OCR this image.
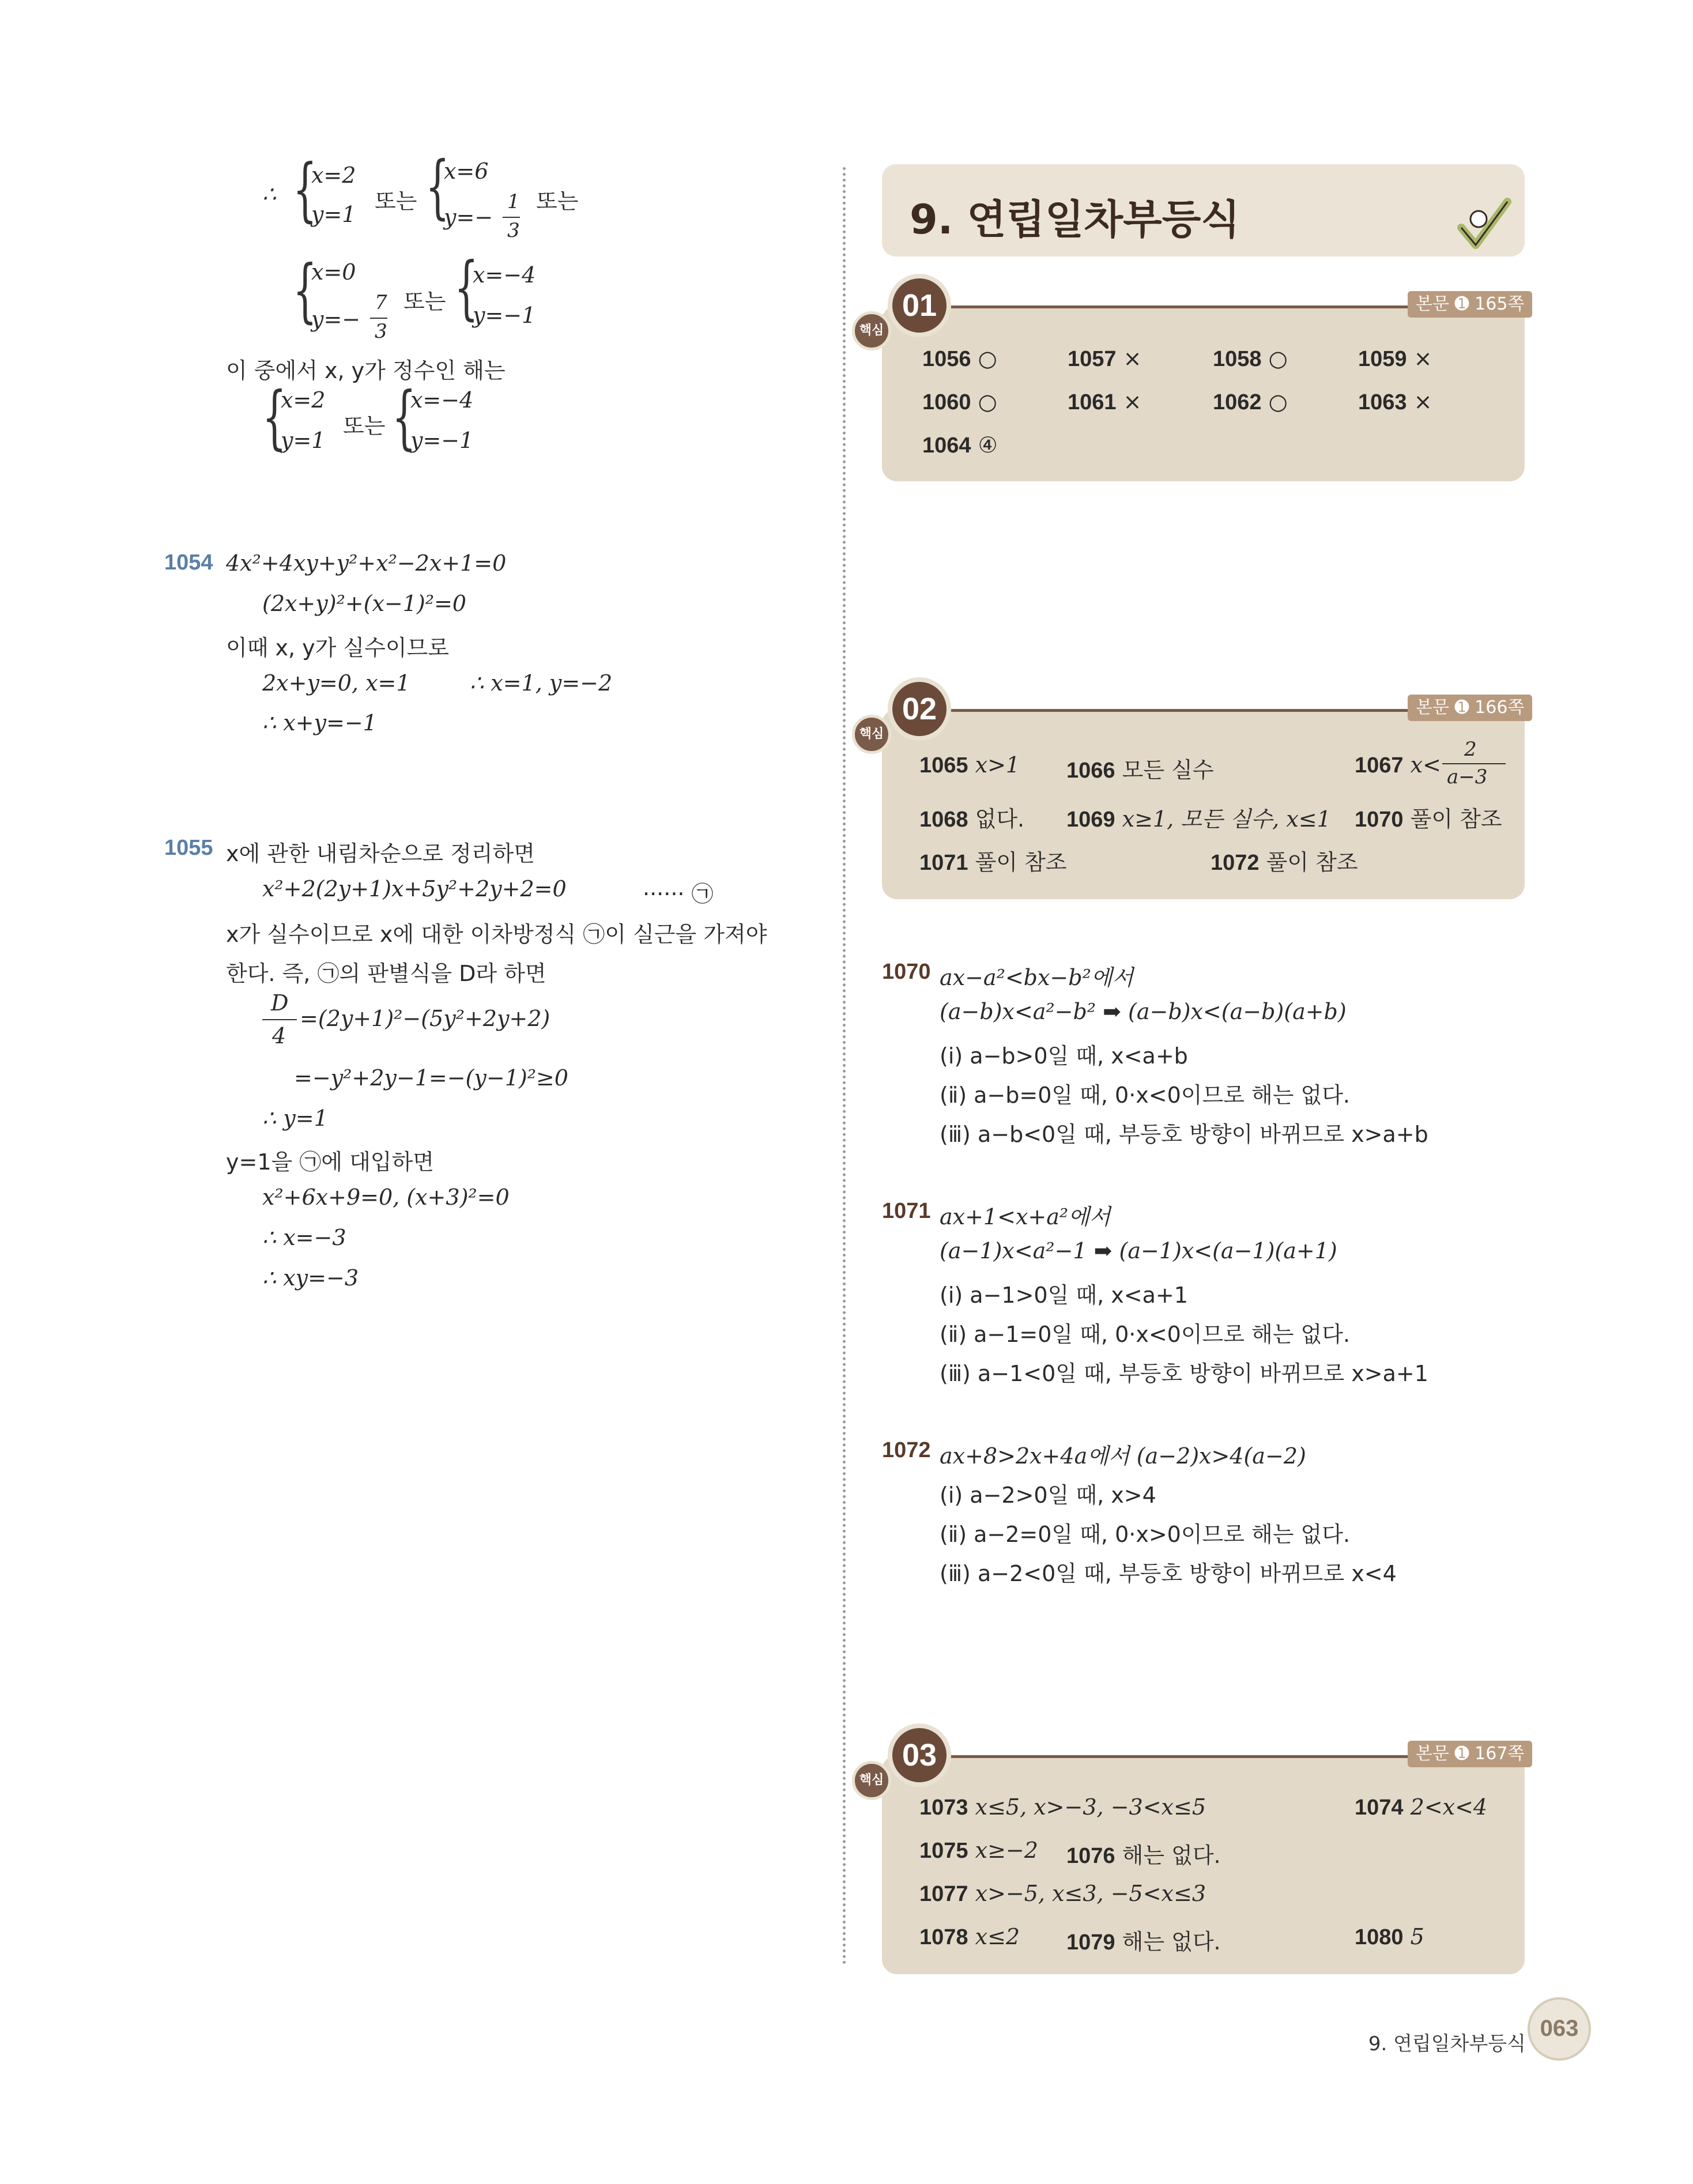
∴ {
x=2
y=1
또는 {
x=6
y=−
1
3
또는
{
x=0
y=−
7
3
또는 {
x=−4
y=−1
이 중에서 x, y가 정수인 해는
{
x=2
y=1
또는 {
x=−4
y=−1
1054 4x²+4xy+y²+x²−2x+1=0
(2x+y)²+(x−1)²=0
이때 x, y가 실수이므로
2x+y=0, x=1	∴ x=1, y=−2
∴ x+y=−1
1055 x에 관한 내림차순으로 정리하면
x²+2(2y+1)x+5y²+2y+2=0	······ ㉠
x가 실수이므로 x에 대한 이차방정식 ㉠이 실근을 가져야
한다. 즉, ㉠의 판별식을 D라 하면
D
4
=(2y+1)²−(5y²+2y+2)
=−y²+2y−1=−(y−1)²≥0
∴ y=1
y=1을 ㉠에 대입하면
x²+6x+9=0, (x+3)²=0
∴ x=−3
∴ xy=−3
9. 연립일차부등식
1056 ○	1057 ×	1058 ○	1059 ×
1060 ○	1061 ×	1062 ○	1063 ×
1064 ④
01
핵심
본문 ➊ 165쪽
1065 x>1 1066 모든 실수	1067 x<
2
a−3
1068 없다. 1069 x≥1, 모든 실수, x≤1 1070 풀이 참조
1071 풀이 참조	1072 풀이 참조
02
핵심
본문 ➊ 166쪽
1070 ax−a²<bx−b²에서
(a−b)x<a²−b² ➡ (a−b)x<(a−b)(a+b)
(ⅰ) a−b>0일 때, x<a+b
(ⅱ) a−b=0일 때, 0·x<0이므로 해는 없다.
(ⅲ) a−b<0일 때, 부등호 방향이 바뀌므로 x>a+b
1071 ax+1<x+a²에서
(a−1)x<a²−1 ➡ (a−1)x<(a−1)(a+1)
(ⅰ) a−1>0일 때, x<a+1
(ⅱ) a−1=0일 때, 0·x<0이므로 해는 없다.
(ⅲ) a−1<0일 때, 부등호 방향이 바뀌므로 x>a+1
1072 ax+8>2x+4a에서 (a−2)x>4(a−2)
(ⅰ) a−2>0일 때, x>4
(ⅱ) a−2=0일 때, 0·x>0이므로 해는 없다.
(ⅲ) a−2<0일 때, 부등호 방향이 바뀌므로 x<4
1073 x≤5, x>−3, −3<x≤5	1074 2<x<4
1075 x≥−2 1076 해는 없다.
1077 x>−5, x≤3, −5<x≤3
1078 x≤2 1079 해는 없다.	1080 5
03
핵심
본문 ➊ 167쪽
9. 연립일차부등식
063
